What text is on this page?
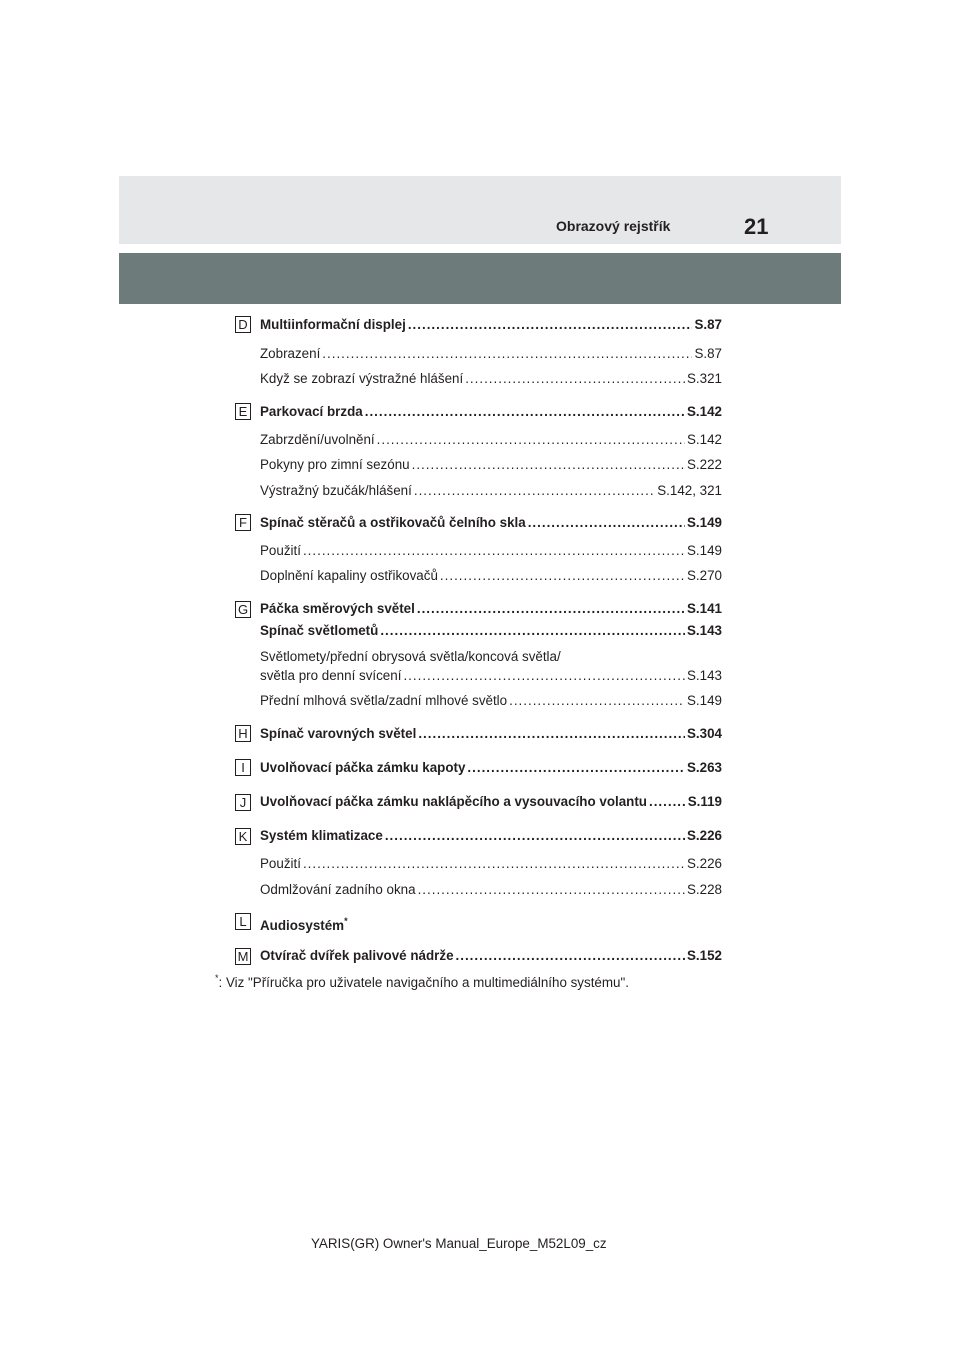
Obrazový rejstřík	21
D Multiinformační displej .....	S.87
Zobrazení .....	S.87
Když se zobrazí výstražné hlášení .....	S.321
E Parkovací brzda .....	S.142
Zabrzdění/uvolnění .....	S.142
Pokyny pro zimní sezónu .....	S.222
Výstražný bzučák/hlášení .....	S.142, 321
F Spínač stěračů a ostřikovačů čelního skla .....	S.149
Použití .....	S.149
Doplnění kapaliny ostřikovačů .....	S.270
G Páčka směrových světel .....	S.141
Spínač světlometů .....	S.143
Světlomety/přední obrysová světla/koncová světla/
světla pro denní svícení .....	S.143
Přední mlhová světla/zadní mlhové světlo .....	S.149
H Spínač varovných světel .....	S.304
I	Uvolňovací páčka zámku kapoty .....	S.263
J	Uvolňovací páčka zámku naklápěcího a vysouvacího volantu .....	S.119
K Systém klimatizace .....	S.226
Použití .....	S.226
Odmlžování zadního okna .....	S.228
L Audiosystém*
M Otvírač dvířek palivové nádrže .....	S.152
*: Viz "Příručka pro uživatele navigačního a multimediálního systému".
YARIS(GR) Owner's Manual_Europe_M52L09_cz
